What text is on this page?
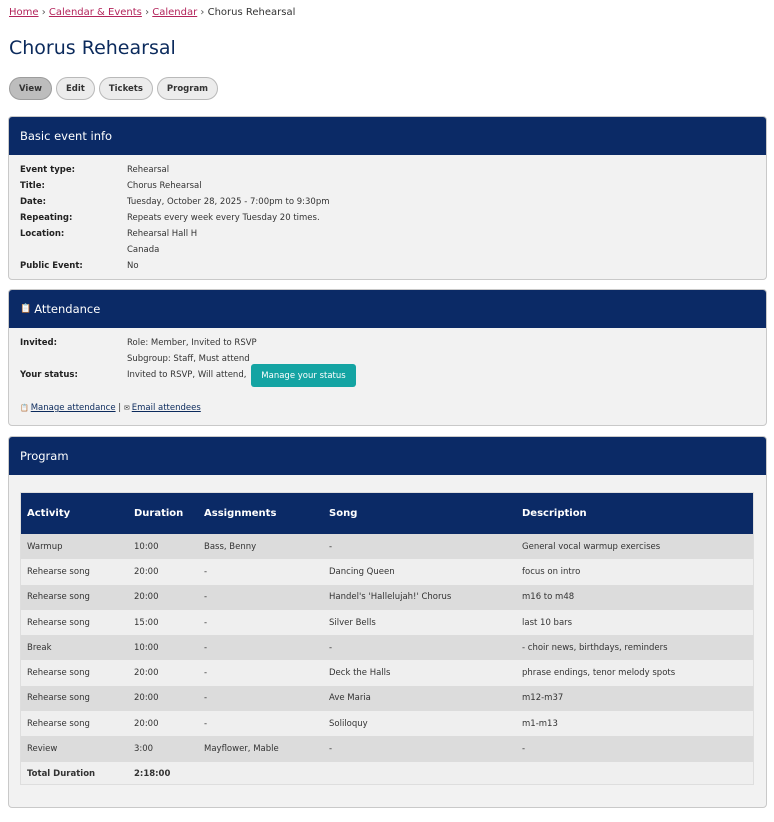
Home › Calendar & Events › Calendar › Chorus Rehearsal
Chorus Rehearsal
View	Edit	Tickets	Program
Basic event info
Event type:	Rehearsal
Title:	Chorus Rehearsal
Date:	Tuesday, October 28, 2025 - 7:00pm to 9:30pm
Repeating:	Repeats every week every Tuesday 20 times.
Location:	Rehearsal Hall H
Canada
Public Event:	No
📋 Attendance
Invited:	Role: Member, Invited to RSVP
Subgroup: Staff, Must attend
Your status:	Invited to RSVP, Will attend,	Manage your status
📋 Manage attendance | ✉ Email attendees
Program
Activity	Duration	Assignments	Song	Description
Warmup	10:00	Bass, Benny	-	General vocal warmup exercises
Rehearse song	20:00	-	Dancing Queen	focus on intro
Rehearse song	20:00	-	Handel's 'Hallelujah!' Chorus	m16 to m48
Rehearse song	15:00	-	Silver Bells	last 10 bars
Break	10:00	-	-	- choir news, birthdays, reminders
Rehearse song	20:00	-	Deck the Halls	phrase endings, tenor melody spots
Rehearse song	20:00	-	Ave Maria	m12-m37
Rehearse song	20:00	-	Soliloquy	m1-m13
Review	3:00	Mayflower, Mable	-	-
Total Duration	2:18:00			
